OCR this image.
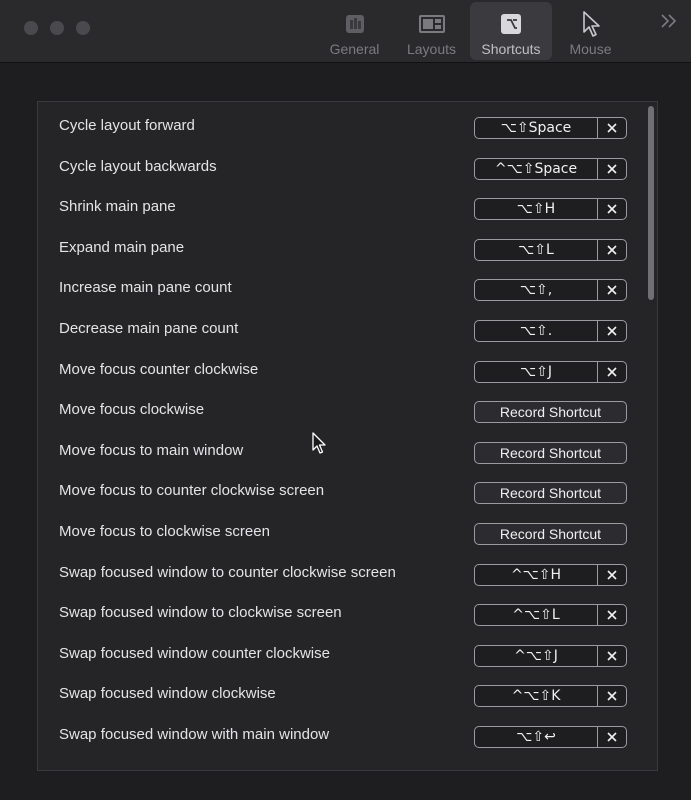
General Layouts Shortcuts Mouse
Cycle layout forward	⌥⇧Space
Cycle layout backwards	^⌥⇧Space
Shrink main pane	⌥⇧H
Expand main pane	⌥⇧L
Increase main pane count	⌥⇧,
Decrease main pane count	⌥⇧.
Move focus counter clockwise	⌥⇧J
Move focus clockwise	Record Shortcut
Move focus to main window	Record Shortcut
Move focus to counter clockwise screen	Record Shortcut
Move focus to clockwise screen	Record Shortcut
Swap focused window to counter clockwise screen	^⌥⇧H
Swap focused window to clockwise screen	^⌥⇧L
Swap focused window counter clockwise	^⌥⇧J
Swap focused window clockwise	^⌥⇧K
Swap focused window with main window	⌥⇧↩
